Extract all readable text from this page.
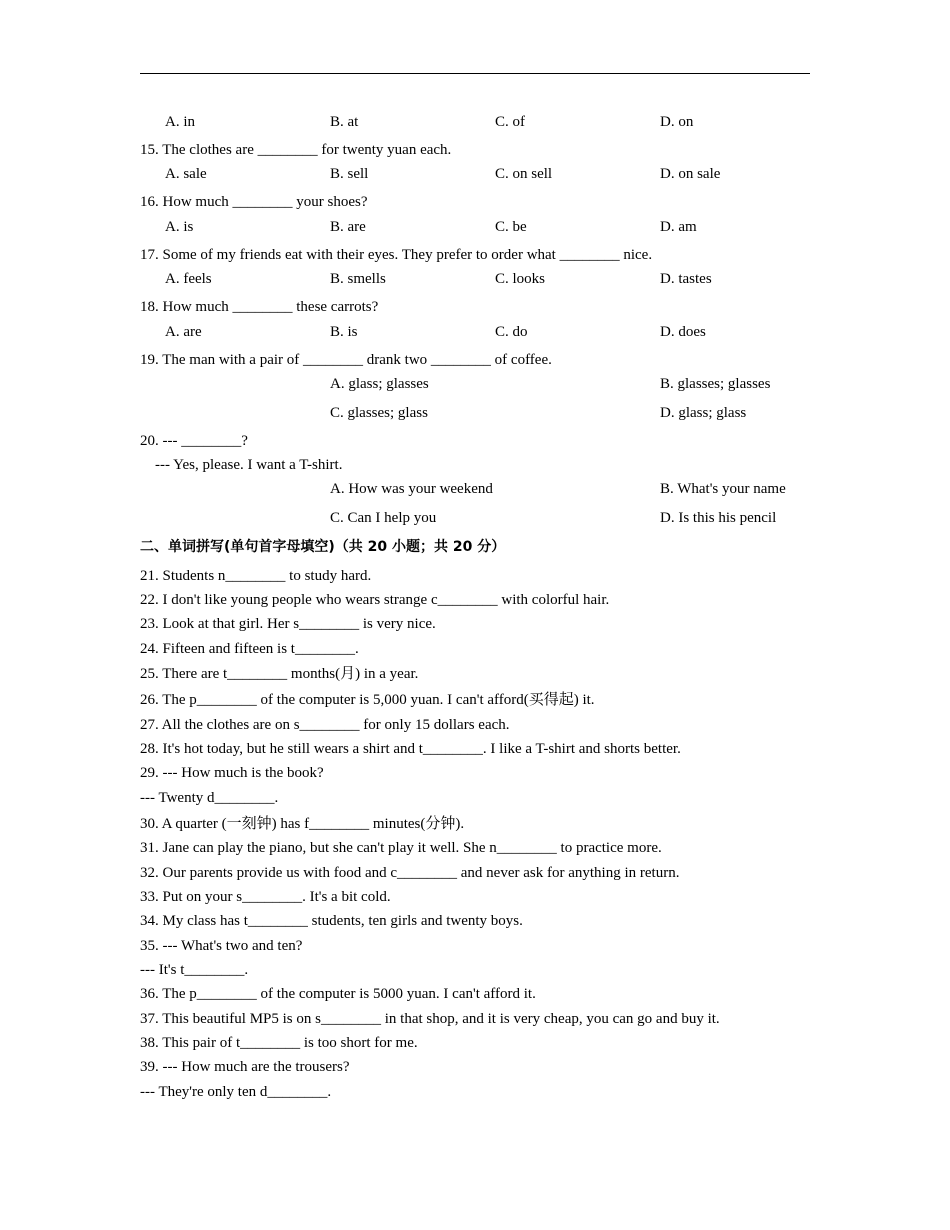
A. in	B. at	C. of	D. on
15. The clothes are ________ for twenty yuan each.
A. sale	B. sell	C. on sell	D. on sale
16. How much ________ your shoes?
A. is	B. are	C. be	D. am
17. Some of my friends eat with their eyes. They prefer to order what ________ nice.
A. feels	B. smells	C. looks	D. tastes
18. How much ________ these carrots?
A. are	B. is	C. do	D. does
19. The man with a pair of ________ drank two ________ of coffee.
A. glass; glasses	B. glasses; glasses
C. glasses; glass	D. glass; glass
20. --- ________?
--- Yes, please. I want a T-shirt.
A. How was your weekend	B. What's your name
C. Can I help you	D. Is this his pencil
二、单词拼写(单句首字母填空)（共 20 小题；共 20 分）
21. Students n________ to study hard.
22. I don't like young people who wears strange c________ with colorful hair.
23. Look at that girl. Her s________ is very nice.
24. Fifteen and fifteen is t________.
25. There are t________ months(月) in a year.
26. The p________ of the computer is 5,000 yuan. I can't afford(买得起) it.
27. All the clothes are on s________ for only 15 dollars each.
28. It's hot today, but he still wears a shirt and t________. I like a T-shirt and shorts better.
29. --- How much is the book?
--- Twenty d________.
30. A quarter (一刻钟) has f________ minutes(分钟).
31. Jane can play the piano, but she can't play it well. She n________ to practice more.
32. Our parents provide us with food and c________ and never ask for anything in return.
33. Put on your s________. It's a bit cold.
34. My class has t________ students, ten girls and twenty boys.
35. --- What's two and ten?
--- It's t________.
36. The p________ of the computer is 5000 yuan. I can't afford it.
37. This beautiful MP5 is on s________ in that shop, and it is very cheap, you can go and buy it.
38. This pair of t________ is too short for me.
39. --- How much are the trousers?
--- They're only ten d________.
